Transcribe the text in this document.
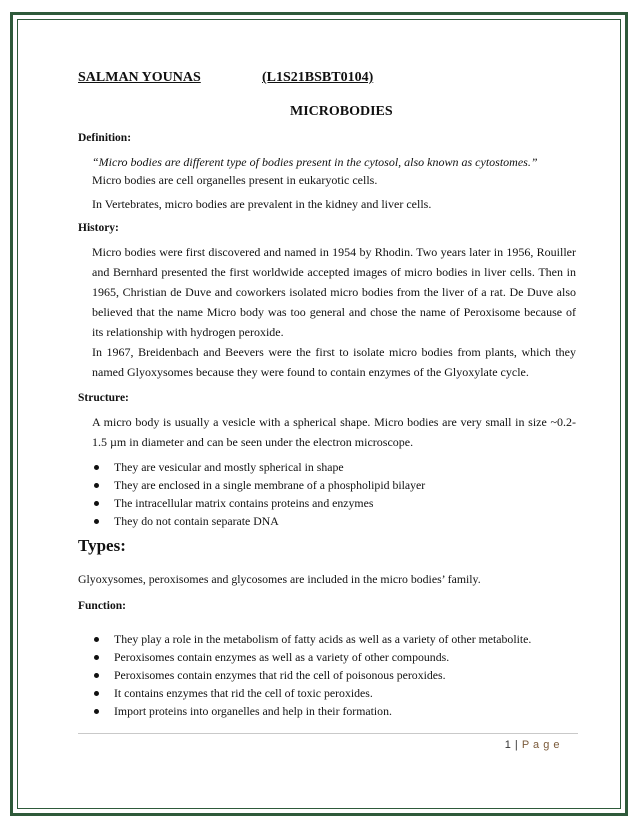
SALMAN YOUNAS	(L1S21BSBT0104)
MICROBODIES
Definition:

“Micro bodies are different type of bodies present in the cytosol, also known as cytostomes.”
Micro bodies are cell organelles present in eukaryotic cells.

In Vertebrates, micro bodies are prevalent in the kidney and liver cells.

History:

Micro bodies were first discovered and named in 1954 by Rhodin. Two years later in 1956, Rouiller and Bernhard presented the first worldwide accepted images of micro bodies in liver cells. Then in 1965, Christian de Duve and coworkers isolated micro bodies from the liver of a rat. De Duve also believed that the name Micro body was too general and chose the name of Peroxisome because of its relationship with hydrogen peroxide.

In 1967, Breidenbach and Beevers were the first to isolate micro bodies from plants, which they named Glyoxysomes because they were found to contain enzymes of the Glyoxylate cycle.

Structure:

A micro body is usually a vesicle with a spherical shape. Micro bodies are very small in size ~0.2-1.5 µm in diameter and can be seen under the electron microscope.

They are vesicular and mostly spherical in shape
They are enclosed in a single membrane of a phospholipid bilayer
The intracellular matrix contains proteins and enzymes
They do not contain separate DNA
Types:

Glyoxysomes, peroxisomes and glycosomes are included in the micro bodies’ family.

Function:
They play a role in the metabolism of fatty acids as well as a variety of other metabolite.
Peroxisomes contain enzymes as well as a variety of other compounds.
Peroxisomes contain enzymes that rid the cell of poisonous peroxides.
It contains enzymes that rid the cell of toxic peroxides.
Import proteins into organelles and help in their formation.
1 | P a g e
